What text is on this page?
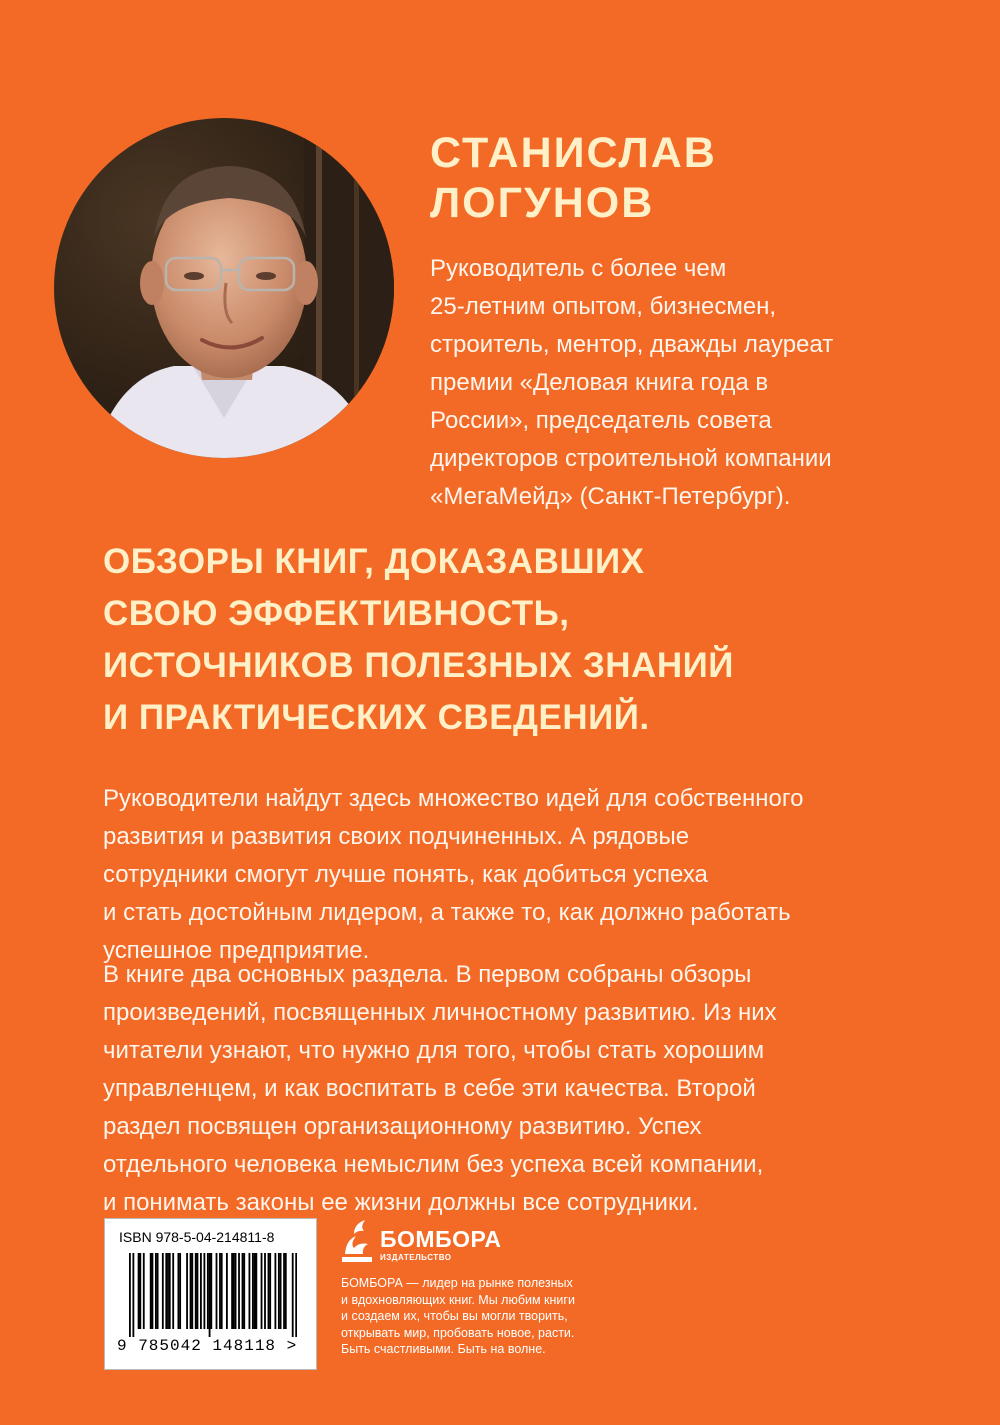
СТАНИСЛАВ
ЛОГУНОВ

Руководитель с более чем
25-летним опытом, бизнесмен,
строитель, ментор, дважды лауреат
премии «Деловая книга года в
России», председатель совета
директоров строительной компании
«МегаМейд» (Санкт-Петербург).

ОБЗОРЫ КНИГ, ДОКАЗАВШИХ
СВОЮ ЭФФЕКТИВНОСТЬ,
ИСТОЧНИКОВ ПОЛЕЗНЫХ ЗНАНИЙ
И ПРАКТИЧЕСКИХ СВЕДЕНИЙ.

Руководители найдут здесь множество идей для собственного
развития и развития своих подчиненных. А рядовые
сотрудники смогут лучше понять, как добиться успеха
и стать достойным лидером, а также то, как должно работать
успешное предприятие.

В книге два основных раздела. В первом собраны обзоры
произведений, посвященных личностному развитию. Из них
читатели узнают, что нужно для того, чтобы стать хорошим
управленцем, и как воспитать в себе эти качества. Второй
раздел посвящен организационному развитию. Успех
отдельного человека немыслим без успеха всей компании,
и понимать законы ее жизни должны все сотрудники.

ISBN 978-5-04-214811-8
9 785042 148118 >
БОМБОРА
ИЗДАТЕЛЬСТВО

БОМБОРА — лидер на рынке полезных
и вдохновляющих книг. Мы любим книги
и создаем их, чтобы вы могли творить,
открывать мир, пробовать новое, расти.
Быть счастливыми. Быть на волне.
